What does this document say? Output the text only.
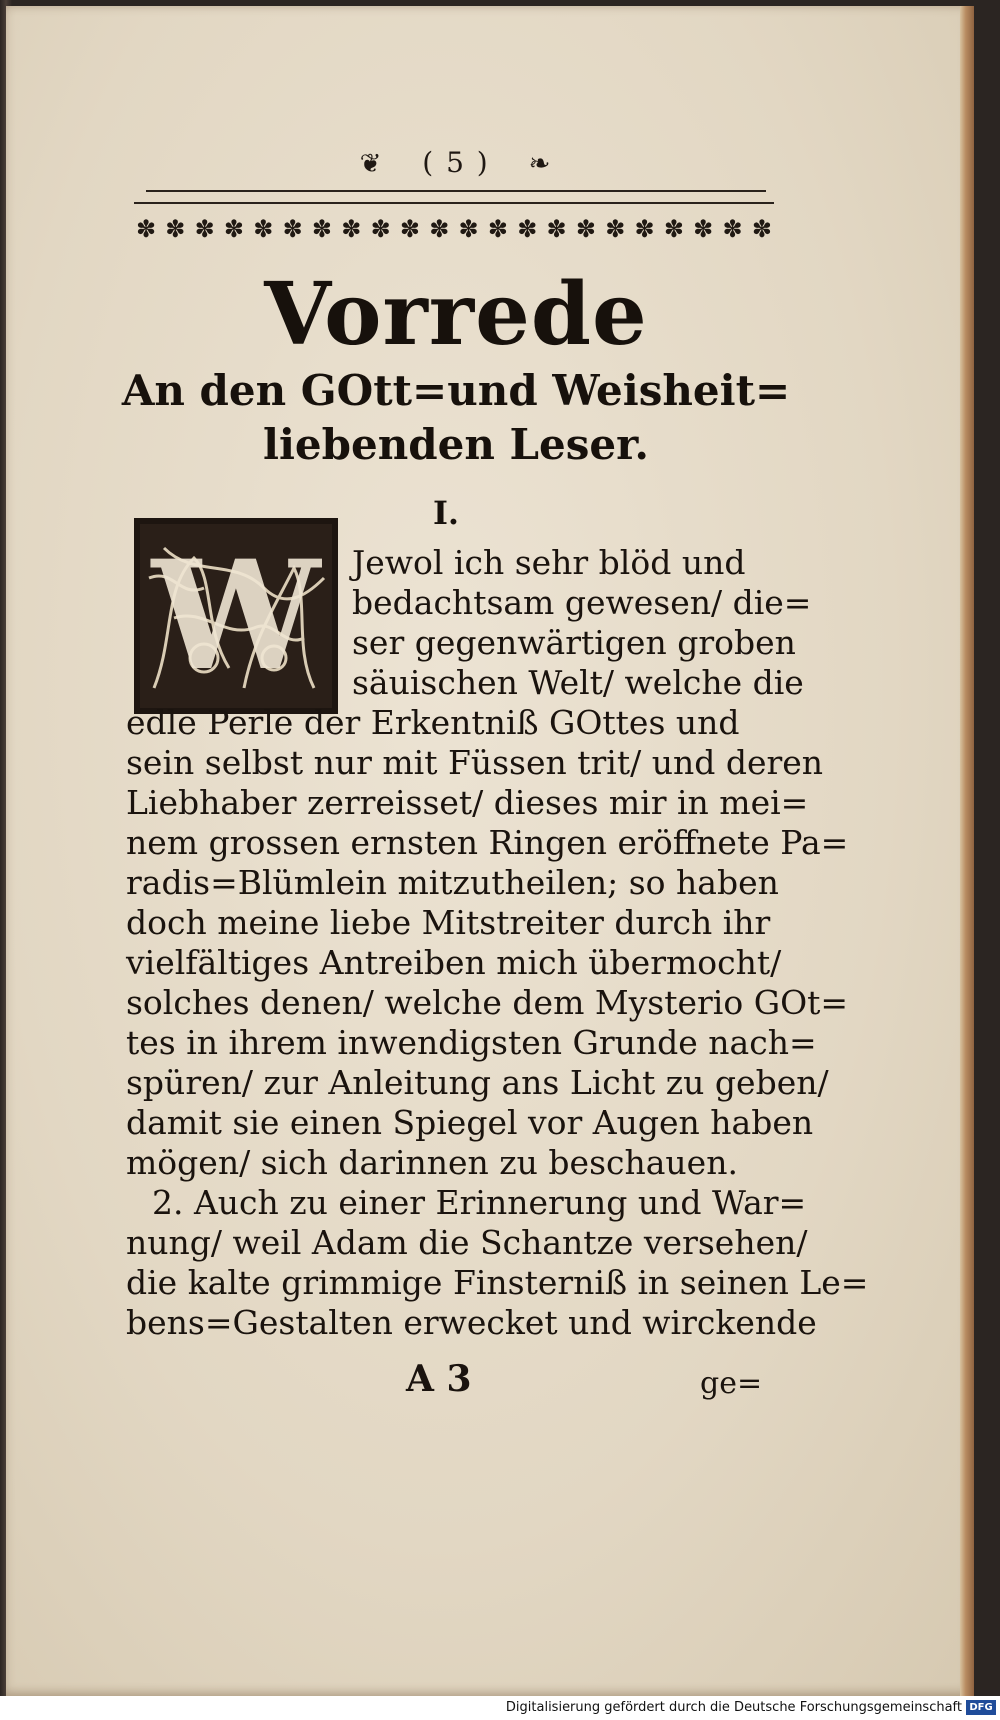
❦ ( 5 ) ❧
✽ ✽ ✽ ✽ ✽ ✽ ✽ ✽ ✽ ✽ ✽ ✽ ✽ ✽ ✽ ✽ ✽ ✽ ✽ ✽ ✽ ✽
Vorrede
An den GOtt=und Weisheit=
liebenden Leser.
I.
W Jewol ich sehr blöd und
bedachtsam gewesen/ die=
ser gegenwärtigen groben
säuischen Welt/ welche die
edle Perle der Erkentniß GOttes und
sein selbst nur mit Füssen trit/ und deren
Liebhaber zerreisset/ dieses mir in mei=
nem grossen ernsten Ringen eröffnete Pa=
radis=Blümlein mitzutheilen; so haben
doch meine liebe Mitstreiter durch ihr
vielfältiges Antreiben mich übermocht/
solches denen/ welche dem Mysterio GOt=
tes in ihrem inwendigsten Grunde nach=
spüren/ zur Anleitung ans Licht zu geben/
damit sie einen Spiegel vor Augen haben
mögen/ sich darinnen zu beschauen.
2. Auch zu einer Erinnerung und War=
nung/ weil Adam die Schantze versehen/
die kalte grimmige Finsterniß in seinen Le=
bens=Gestalten erwecket und wirckende
A 3	ge=
Digitalisierung gefördert durch die Deutsche Forschungsgemeinschaft DFG
